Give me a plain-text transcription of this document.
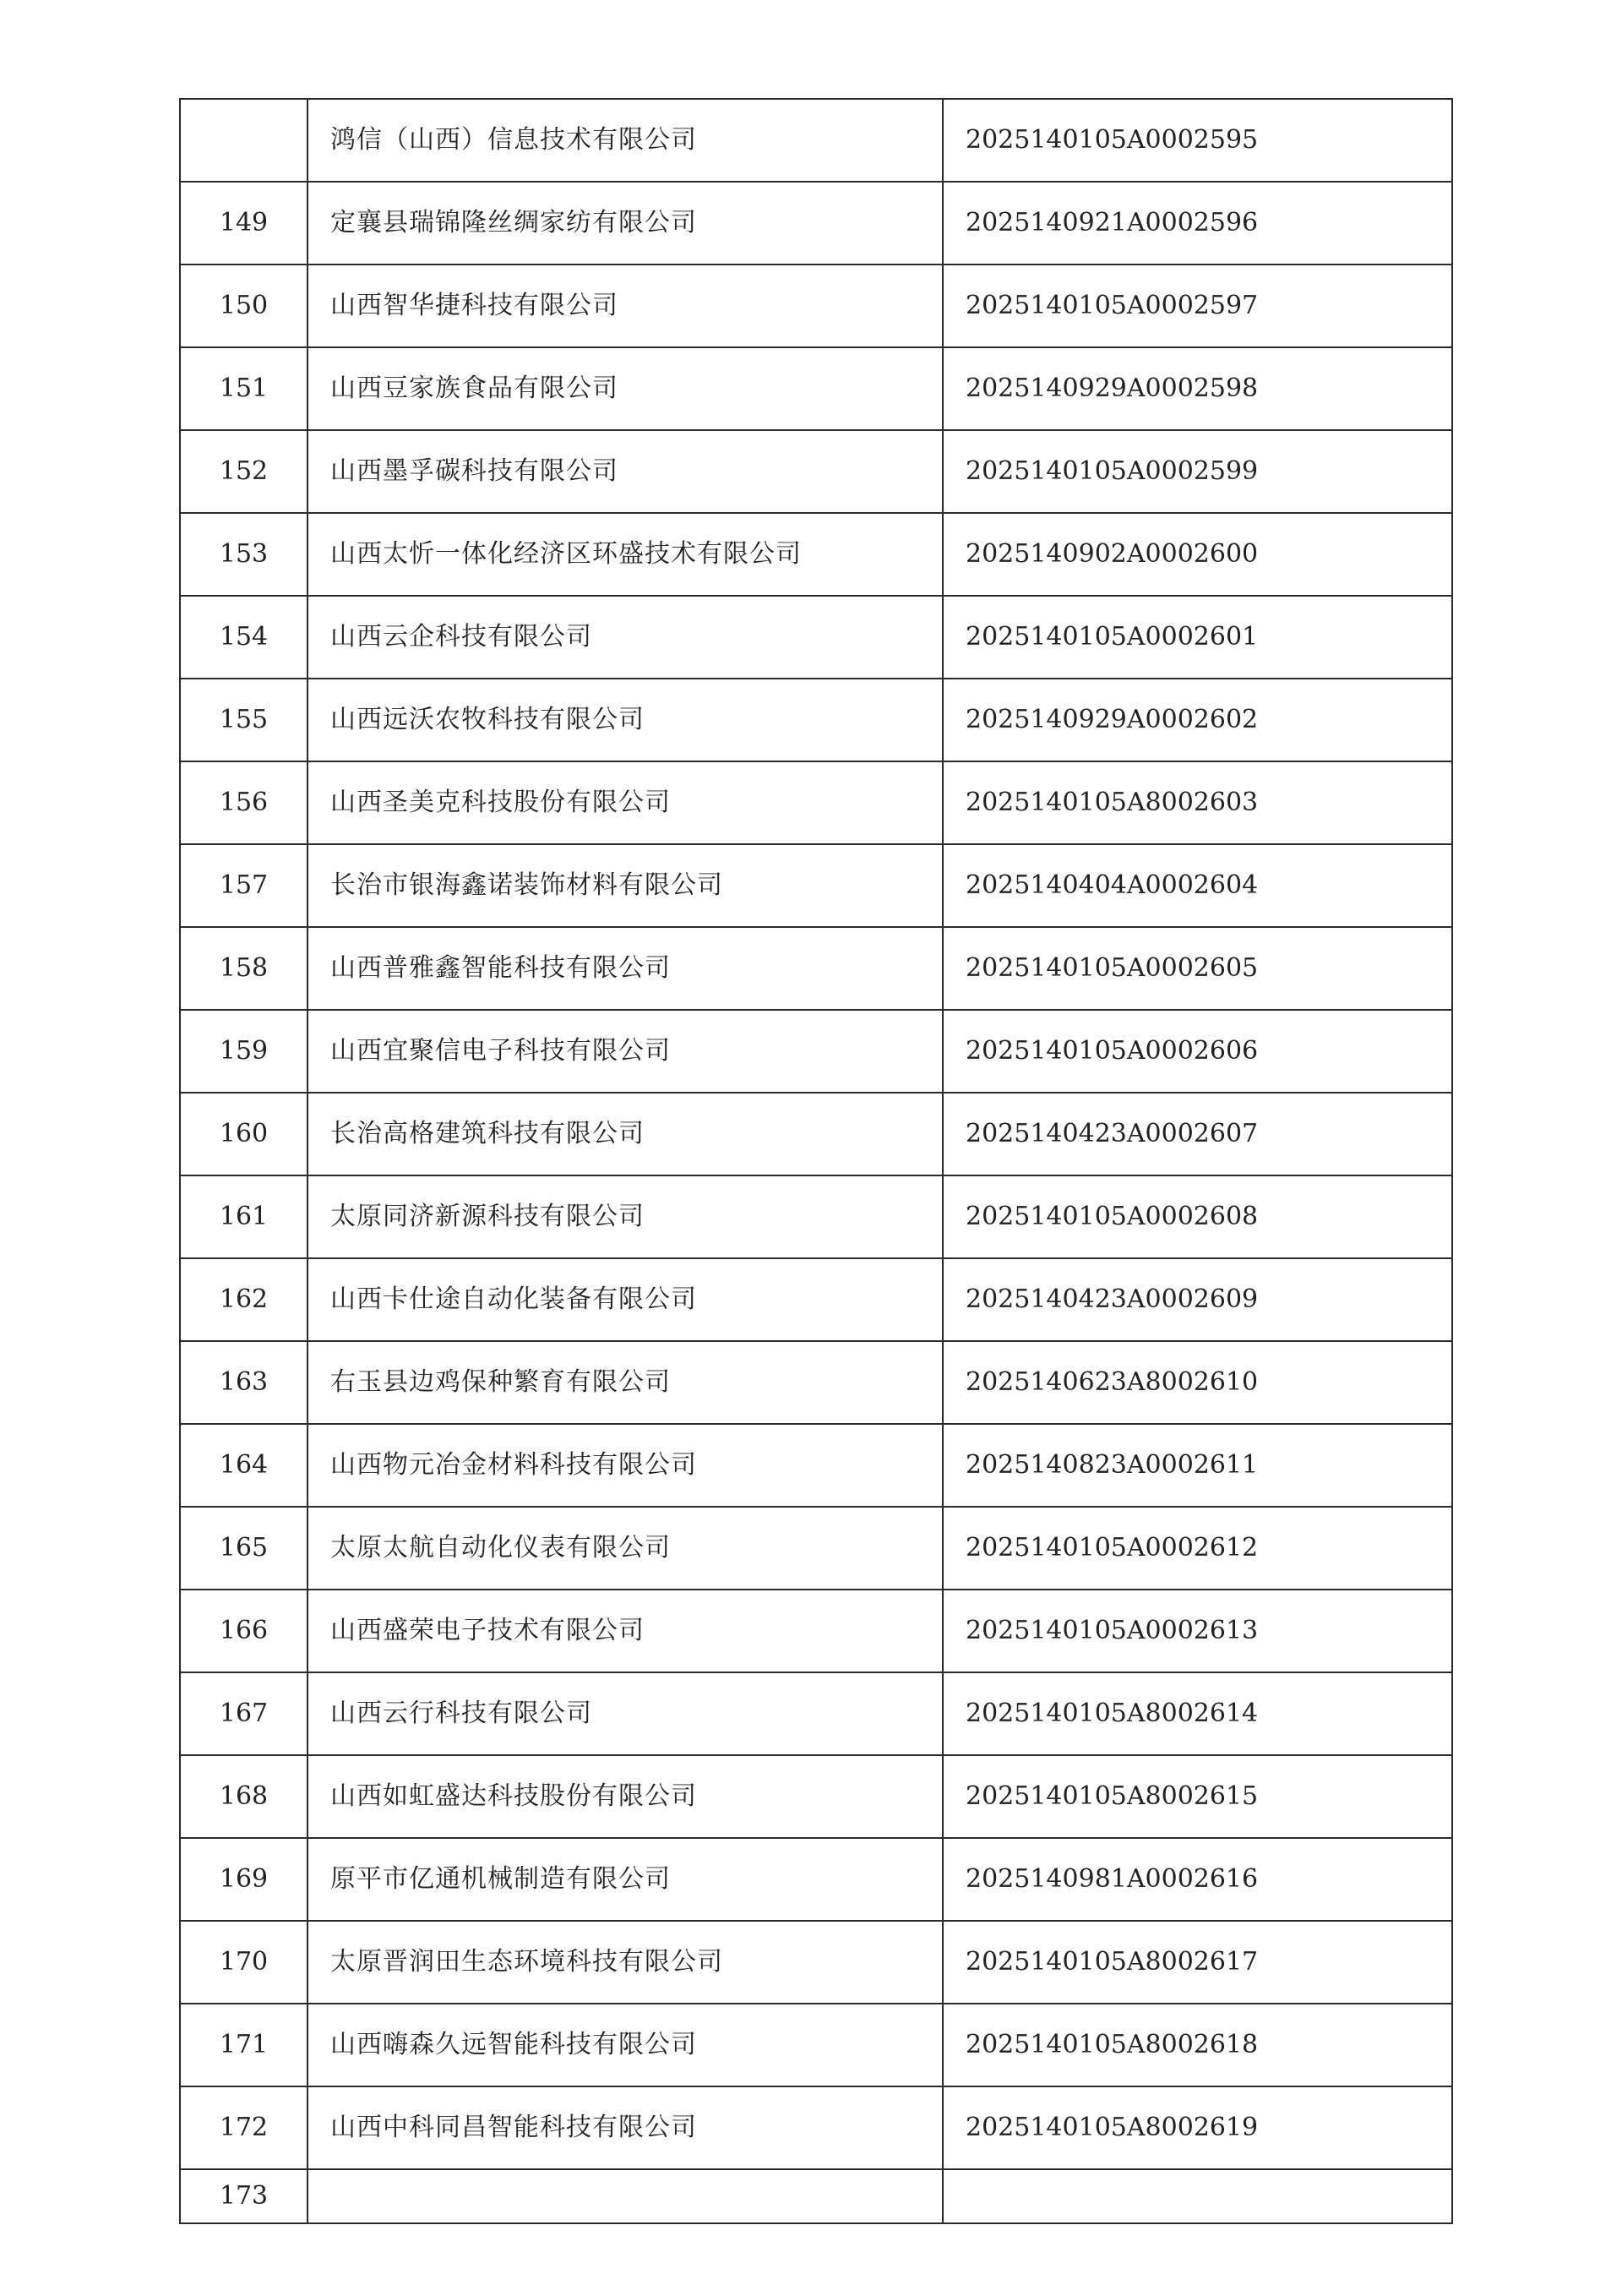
	鸿信（山西）信息技术有限公司	2025140105A0002595
149	定襄县瑞锦隆丝绸家纺有限公司	2025140921A0002596
150	山西智华捷科技有限公司	2025140105A0002597
151	山西豆家族食品有限公司	2025140929A0002598
152	山西墨孚碳科技有限公司	2025140105A0002599
153	山西太忻一体化经济区环盛技术有限公司	2025140902A0002600
154	山西云企科技有限公司	2025140105A0002601
155	山西远沃农牧科技有限公司	2025140929A0002602
156	山西圣美克科技股份有限公司	2025140105A8002603
157	长治市银海鑫诺装饰材料有限公司	2025140404A0002604
158	山西普雅鑫智能科技有限公司	2025140105A0002605
159	山西宜聚信电子科技有限公司	2025140105A0002606
160	长治高格建筑科技有限公司	2025140423A0002607
161	太原同济新源科技有限公司	2025140105A0002608
162	山西卡仕途自动化装备有限公司	2025140423A0002609
163	右玉县边鸡保种繁育有限公司	2025140623A8002610
164	山西物元冶金材料科技有限公司	2025140823A0002611
165	太原太航自动化仪表有限公司	2025140105A0002612
166	山西盛荣电子技术有限公司	2025140105A0002613
167	山西云行科技有限公司	2025140105A8002614
168	山西如虹盛达科技股份有限公司	2025140105A8002615
169	原平市亿通机械制造有限公司	2025140981A0002616
170	太原晋润田生态环境科技有限公司	2025140105A8002617
171	山西嗨森久远智能科技有限公司	2025140105A8002618
172	山西中科同昌智能科技有限公司	2025140105A8002619
173		
